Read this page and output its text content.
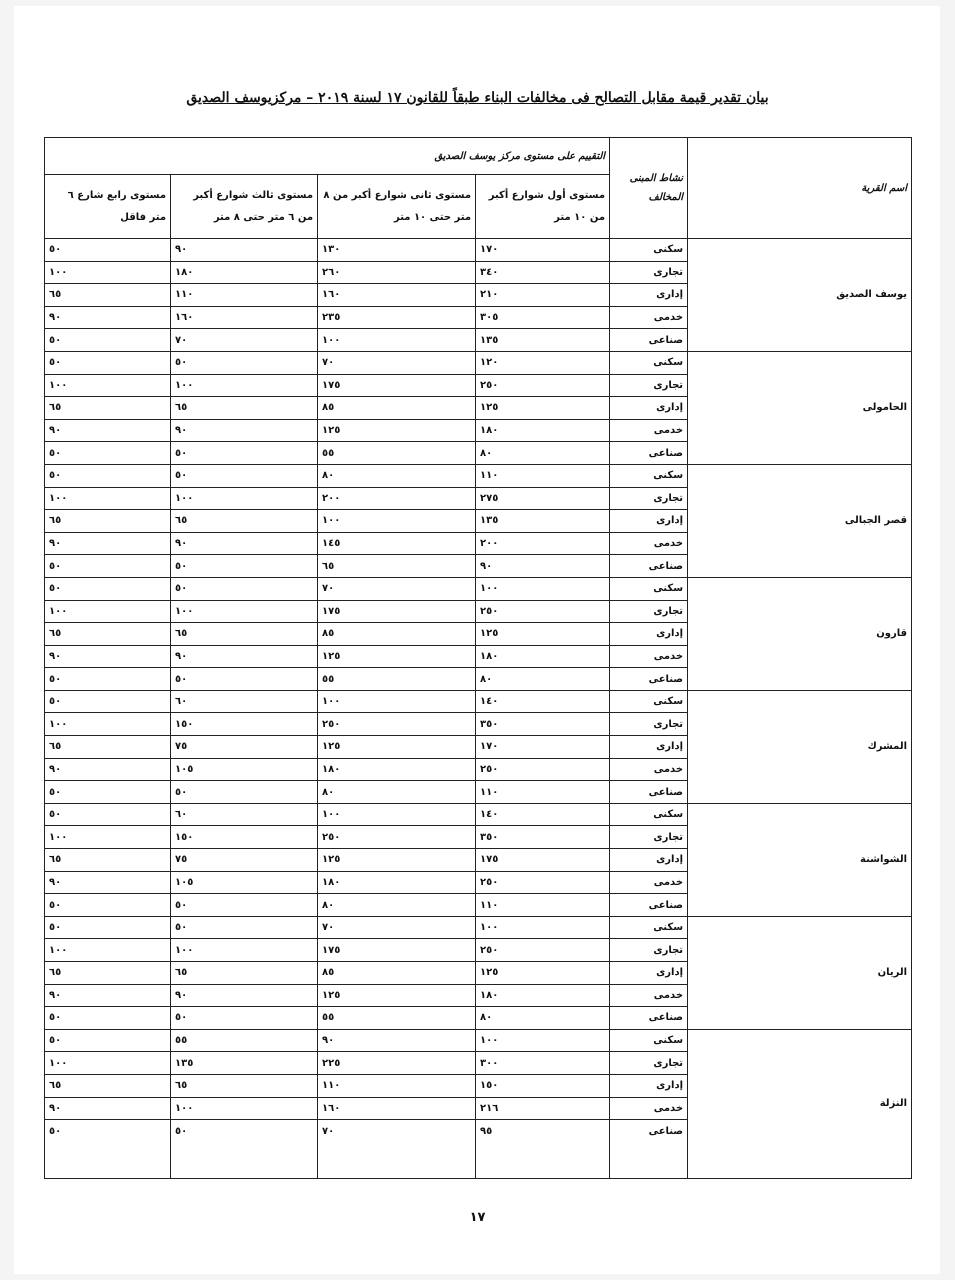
بيان تقدير قيمة مقابل التصالح فى مخالفات البناء طبقاً للقانون ١٧ لسنة ٢٠١٩ – مركزيوسف الصديق
اسم القرية	نشاط المبنى المخالف	التقييم على مستوى مركز يوسف الصديق			
		مستوى أول شوارع أكبر من ١٠ متر	مستوى ثانى شوارع أكبر من ٨ متر حتى ١٠ متر	مستوى ثالث شوارع أكبر من ٦ متر حتى ٨ متر	مستوى رابع شارع ٦ متر فاقل
يوسف الصديق	سكنى	١٧٠	١٣٠	٩٠	٥٠
	تجارى	٣٤٠	٢٦٠	١٨٠	١٠٠
	إدارى	٢١٠	١٦٠	١١٠	٦٥
	خدمى	٣٠٥	٢٣٥	١٦٠	٩٠
	صناعى	١٣٥	١٠٠	٧٠	٥٠
الحامولى	سكنى	١٢٠	٧٠	٥٠	٥٠
	تجارى	٢٥٠	١٧٥	١٠٠	١٠٠
	إدارى	١٢٥	٨٥	٦٥	٦٥
	خدمى	١٨٠	١٢٥	٩٠	٩٠
	صناعى	٨٠	٥٥	٥٠	٥٠
قصر الجبالى	سكنى	١١٠	٨٠	٥٠	٥٠
	تجارى	٢٧٥	٢٠٠	١٠٠	١٠٠
	إدارى	١٣٥	١٠٠	٦٥	٦٥
	خدمى	٢٠٠	١٤٥	٩٠	٩٠
	صناعى	٩٠	٦٥	٥٠	٥٠
قارون	سكنى	١٠٠	٧٠	٥٠	٥٠
	تجارى	٢٥٠	١٧٥	١٠٠	١٠٠
	إدارى	١٢٥	٨٥	٦٥	٦٥
	خدمى	١٨٠	١٢٥	٩٠	٩٠
	صناعى	٨٠	٥٥	٥٠	٥٠
المشرك	سكنى	١٤٠	١٠٠	٦٠	٥٠
	تجارى	٣٥٠	٢٥٠	١٥٠	١٠٠
	إدارى	١٧٠	١٢٥	٧٥	٦٥
	خدمى	٢٥٠	١٨٠	١٠٥	٩٠
	صناعى	١١٠	٨٠	٥٠	٥٠
الشواشنة	سكنى	١٤٠	١٠٠	٦٠	٥٠
	تجارى	٣٥٠	٢٥٠	١٥٠	١٠٠
	إدارى	١٧٥	١٢٥	٧٥	٦٥
	خدمى	٢٥٠	١٨٠	١٠٥	٩٠
	صناعى	١١٠	٨٠	٥٠	٥٠
الريان	سكنى	١٠٠	٧٠	٥٠	٥٠
	تجارى	٢٥٠	١٧٥	١٠٠	١٠٠
	إدارى	١٢٥	٨٥	٦٥	٦٥
	خدمى	١٨٠	١٢٥	٩٠	٩٠
	صناعى	٨٠	٥٥	٥٠	٥٠
النزلة	سكنى	١٠٠	٩٠	٥٥	٥٠
	تجارى	٣٠٠	٢٢٥	١٣٥	١٠٠
	إدارى	١٥٠	١١٠	٦٥	٦٥
	خدمى	٢١٦	١٦٠	١٠٠	٩٠
	صناعى	٩٥	٧٠	٥٠	٥٠
١٧
